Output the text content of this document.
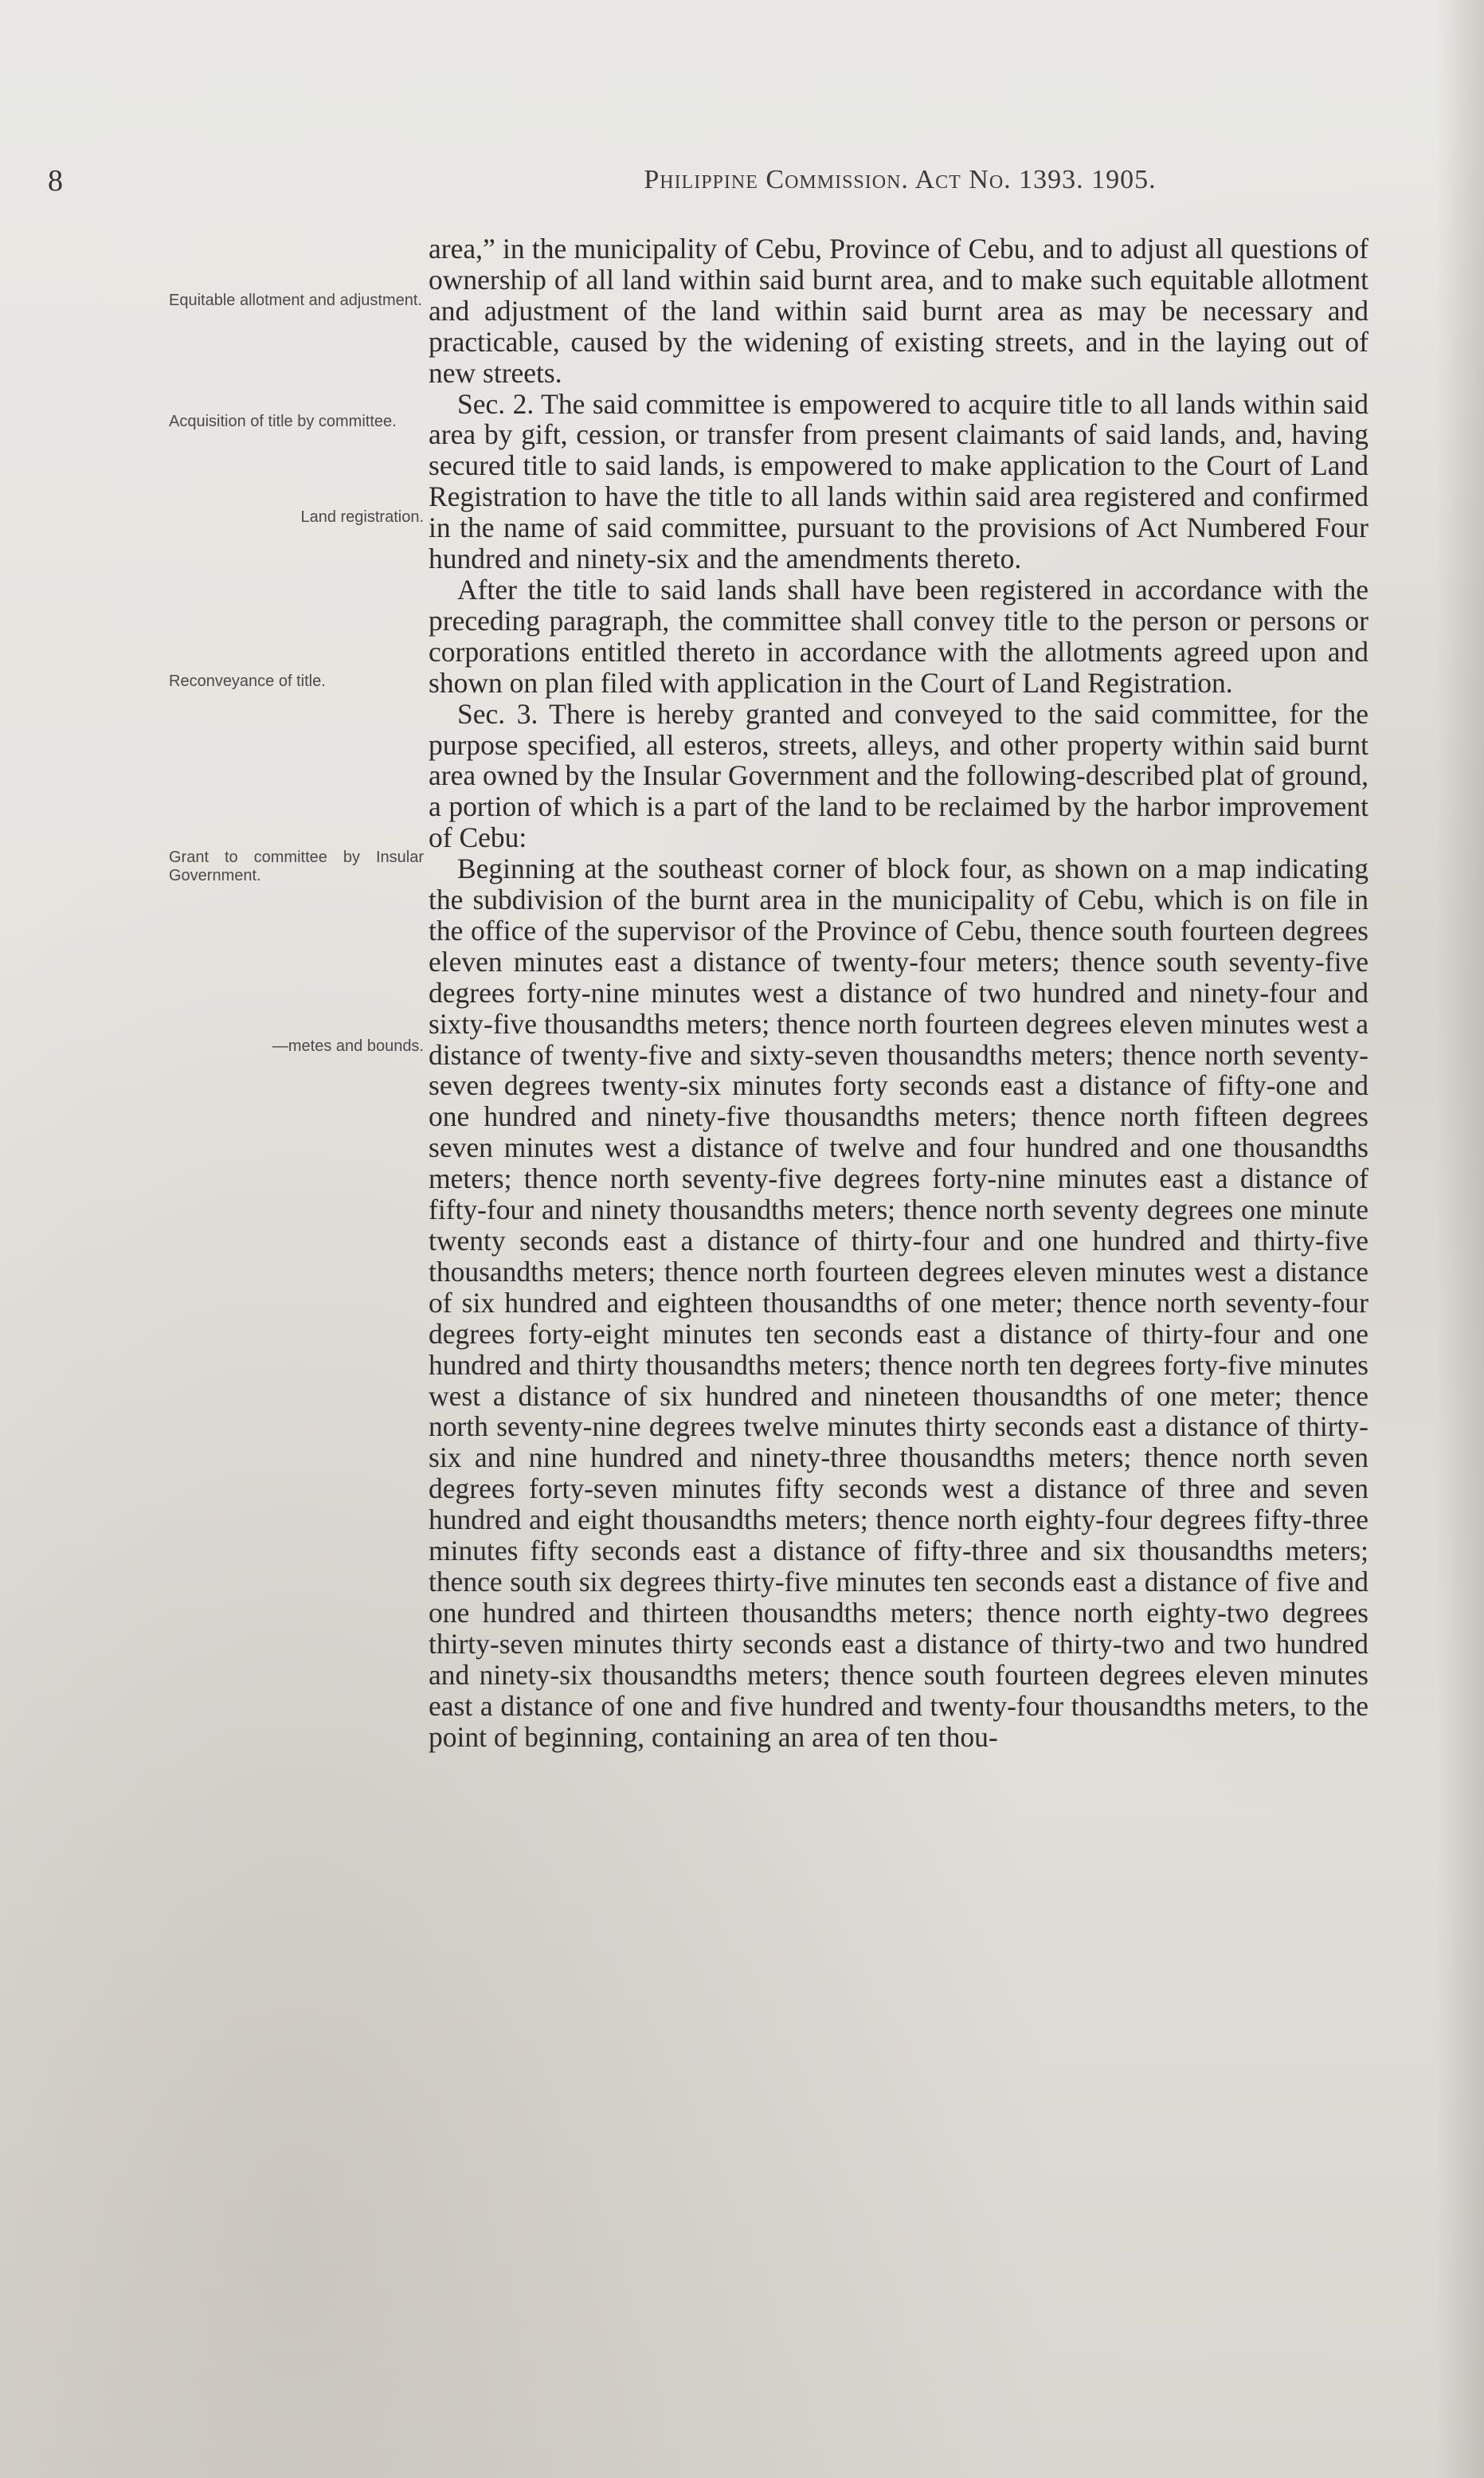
8	Philippine Commission. Act No. 1393. 1905.
Equitable allotment and adjustment.
Acquisition of title by committee.
Land registration.
Reconveyance of title.
Grant to committee by Insular Government.
—metes and bounds.

area,” in the municipality of Cebu, Province of Cebu, and to adjust all questions of ownership of all land within said burnt area, and to make such equitable allotment and adjustment of the land within said burnt area as may be necessary and practicable, caused by the widening of existing streets, and in the laying out of new streets.

Sec. 2. The said committee is empowered to acquire title to all lands within said area by gift, cession, or transfer from present claimants of said lands, and, having secured title to said lands, is empowered to make application to the Court of Land Registration to have the title to all lands within said area registered and confirmed in the name of said committee, pursuant to the provisions of Act Numbered Four hundred and ninety-six and the amendments thereto.

After the title to said lands shall have been registered in accordance with the preceding paragraph, the committee shall convey title to the person or persons or corporations entitled thereto in accordance with the allotments agreed upon and shown on plan filed with application in the Court of Land Registration.

Sec. 3. There is hereby granted and conveyed to the said committee, for the purpose specified, all esteros, streets, alleys, and other property within said burnt area owned by the Insular Government and the following-described plat of ground, a portion of which is a part of the land to be reclaimed by the harbor improvement of Cebu:

Beginning at the southeast corner of block four, as shown on a map indicating the subdivision of the burnt area in the municipality of Cebu, which is on file in the office of the supervisor of the Province of Cebu, thence south fourteen degrees eleven minutes east a distance of twenty-four meters; thence south seventy-five degrees forty-nine minutes west a distance of two hundred and ninety-four and sixty-five thousandths meters; thence north fourteen degrees eleven minutes west a distance of twenty-five and sixty-seven thousandths meters; thence north seventy-seven degrees twenty-six minutes forty seconds east a distance of fifty-one and one hundred and ninety-five thousandths meters; thence north fifteen degrees seven minutes west a distance of twelve and four hundred and one thousandths meters; thence north seventy-five degrees forty-nine minutes east a distance of fifty-four and ninety thousandths meters; thence north seventy degrees one minute twenty seconds east a distance of thirty-four and one hundred and thirty-five thousandths meters; thence north fourteen degrees eleven minutes west a distance of six hundred and eighteen thousandths of one meter; thence north seventy-four degrees forty-eight minutes ten seconds east a distance of thirty-four and one hundred and thirty thousandths meters; thence north ten degrees forty-five minutes west a distance of six hundred and nineteen thousandths of one meter; thence north seventy-nine degrees twelve minutes thirty seconds east a distance of thirty-six and nine hundred and ninety-three thousandths meters; thence north seven degrees forty-seven minutes fifty seconds west a distance of three and seven hundred and eight thousandths meters; thence north eighty-four degrees fifty-three minutes fifty seconds east a distance of fifty-three and six thousandths meters; thence south six degrees thirty-five minutes ten seconds east a distance of five and one hundred and thirteen thousandths meters; thence north eighty-two degrees thirty-seven minutes thirty seconds east a distance of thirty-two and two hundred and ninety-six thousandths meters; thence south fourteen degrees eleven minutes east a distance of one and five hundred and twenty-four thousandths meters, to the point of beginning, containing an area of ten thou-
